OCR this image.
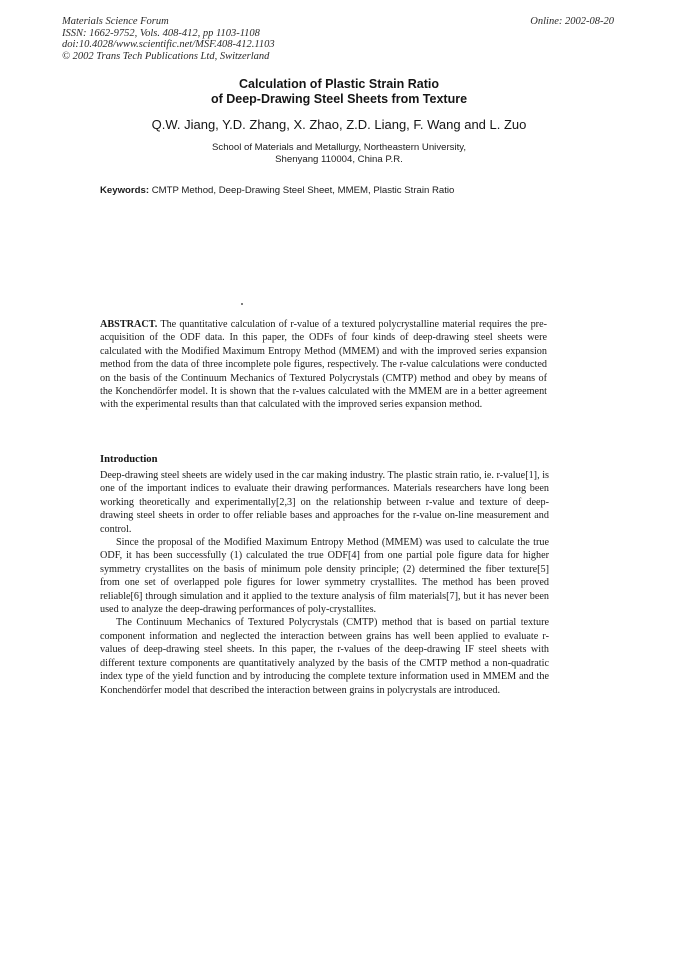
Materials Science Forum
ISSN: 1662-9752, Vols. 408-412, pp 1103-1108
doi:10.4028/www.scientific.net/MSF.408-412.1103
© 2002 Trans Tech Publications Ltd, Switzerland
Online: 2002-08-20
Calculation of Plastic Strain Ratio
of Deep-Drawing Steel Sheets from Texture
Q.W. Jiang, Y.D. Zhang, X. Zhao, Z.D. Liang, F. Wang and L. Zuo
School of Materials and Metallurgy, Northeastern University,
Shenyang 110004, China P.R.
Keywords: CMTP Method, Deep-Drawing Steel Sheet, MMEM, Plastic Strain Ratio
ABSTRACT. The quantitative calculation of r-value of a textured polycrystalline material requires the pre-acquisition of the ODF data. In this paper, the ODFs of four kinds of deep-drawing steel sheets were calculated with the Modified Maximum Entropy Method (MMEM) and with the improved series expansion method from the data of three incomplete pole figures, respectively. The r-value calculations were conducted on the basis of the Continuum Mechanics of Textured Polycrystals (CMTP) method and obey by means of the Konchendörfer model. It is shown that the r-values calculated with the MMEM are in a better agreement with the experimental results than that calculated with the improved series expansion method.
Introduction

Deep-drawing steel sheets are widely used in the car making industry. The plastic strain ratio, ie. r-value[1], is one of the important indices to evaluate their drawing performances. Materials researchers have long been working theoretically and experimentally[2,3] on the relationship between r-value and texture of deep-drawing steel sheets in order to offer reliable bases and approaches for the r-value on-line measurement and control.

Since the proposal of the Modified Maximum Entropy Method (MMEM) was used to calculate the true ODF, it has been successfully (1) calculated the true ODF[4] from one partial pole figure data for higher symmetry crystallites on the basis of minimum pole density principle; (2) determined the fiber texture[5] from one set of overlapped pole figures for lower symmetry crystallites. The method has been proved reliable[6] through simulation and it applied to the texture analysis of film materials[7], but it has never been used to analyze the deep-drawing performances of poly-crystallites.

The Continuum Mechanics of Textured Polycrystals (CMTP) method that is based on partial texture component information and neglected the interaction between grains has well been applied to evaluate r-values of deep-drawing steel sheets. In this paper, the r-values of the deep-drawing IF steel sheets with different texture components are quantitatively analyzed by the basis of the CMTP method a non-quadratic index type of the yield function and by introducing the complete texture information used in MMEM and the Konchendörfer model that described the interaction between grains in polycrystals are introduced.
